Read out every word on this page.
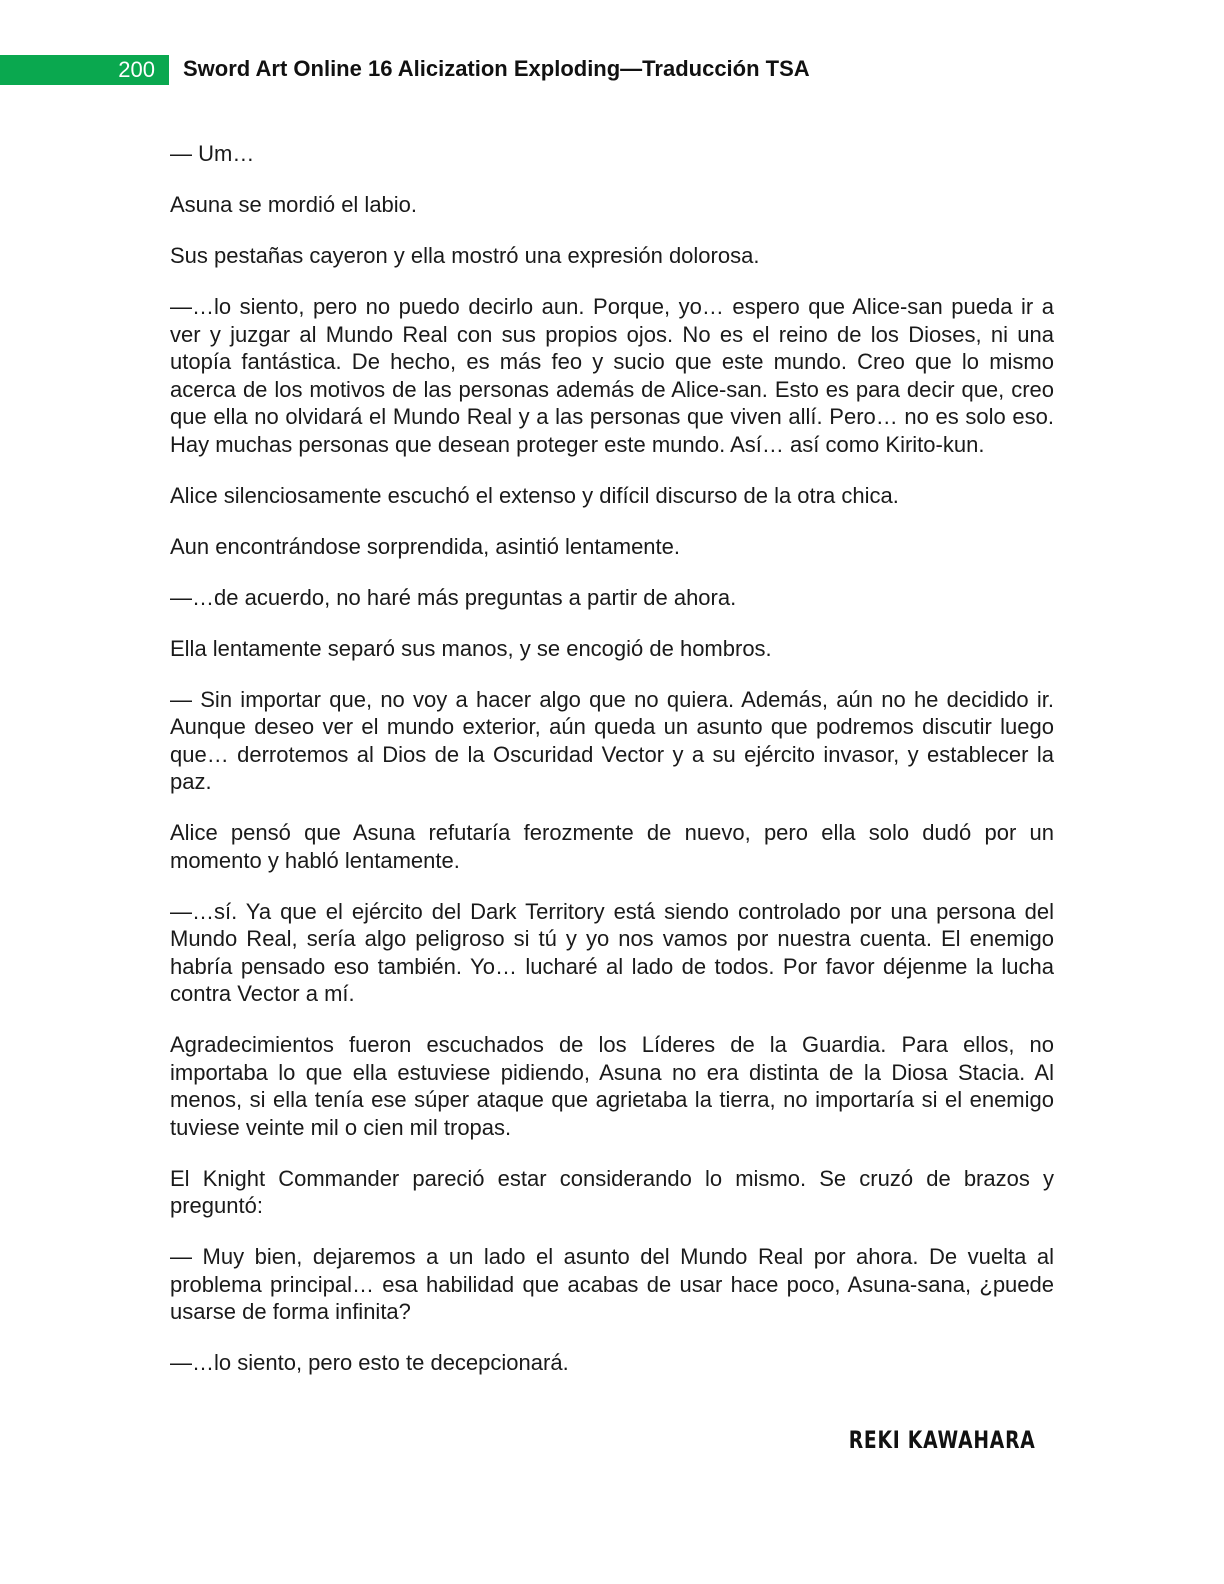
200	Sword Art Online 16 Alicization Exploding—Traducción TSA

— Um…

Asuna se mordió el labio.

Sus pestañas cayeron y ella mostró una expresión dolorosa.

—…lo siento, pero no puedo decirlo aun. Porque, yo… espero que Alice-san pueda ir a ver y juzgar al Mundo Real con sus propios ojos. No es el reino de los Dioses, ni una utopía fantástica. De hecho, es más feo y sucio que este mundo. Creo que lo mismo acerca de los motivos de las personas además de Alice-san. Esto es para decir que, creo que ella no olvidará el Mundo Real y a las personas que viven allí. Pero… no es solo eso. Hay muchas personas que desean proteger este mundo. Así… así como Kirito-kun.

Alice silenciosamente escuchó el extenso y difícil discurso de la otra chica.

Aun encontrándose sorprendida, asintió lentamente.

—…de acuerdo, no haré más preguntas a partir de ahora.

Ella lentamente separó sus manos, y se encogió de hombros.

— Sin importar que, no voy a hacer algo que no quiera. Además, aún no he decidido ir. Aunque deseo ver el mundo exterior, aún queda un asunto que podremos discutir luego que… derrotemos al Dios de la Oscuridad Vector y a su ejército invasor, y establecer la paz.

Alice pensó que Asuna refutaría ferozmente de nuevo, pero ella solo dudó por un momento y habló lentamente.

—…sí. Ya que el ejército del Dark Territory está siendo controlado por una persona del Mundo Real, sería algo peligroso si tú y yo nos vamos por nuestra cuenta. El enemigo habría pensado eso también. Yo… lucharé al lado de todos. Por favor déjenme la lucha contra Vector a mí.

Agradecimientos fueron escuchados de los Líderes de la Guardia. Para ellos, no importaba lo que ella estuviese pidiendo, Asuna no era distinta de la Diosa Stacia. Al menos, si ella tenía ese súper ataque que agrietaba la tierra, no importaría si el enemigo tuviese veinte mil o cien mil tropas.

El Knight Commander pareció estar considerando lo mismo. Se cruzó de brazos y preguntó:

— Muy bien, dejaremos a un lado el asunto del Mundo Real por ahora. De vuelta al problema principal… esa habilidad que acabas de usar hace poco, Asuna-sana, ¿puede usarse de forma infinita?

—…lo siento, pero esto te decepcionará.

REKI KAWAHARA
